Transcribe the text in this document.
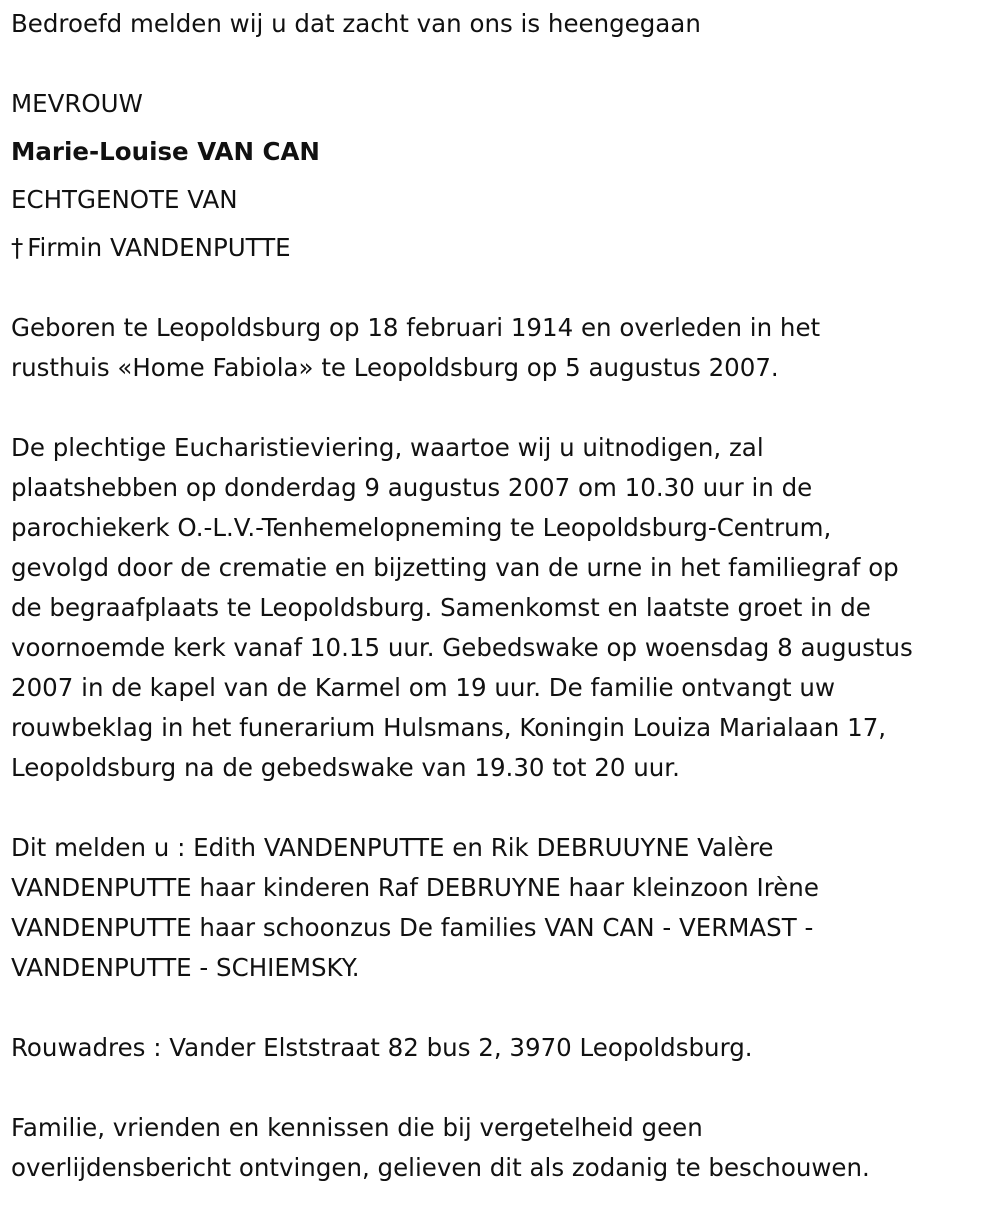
Bedroefd melden wij u dat zacht van ons is heengegaan

MEVROUW

Marie-Louise VAN CAN

ECHTGENOTE VAN

† Firmin VANDENPUTTE

Geboren te Leopoldsburg op 18 februari 1914 en overleden in het

rusthuis «Home Fabiola» te Leopoldsburg op 5 augustus 2007.

De plechtige Eucharistieviering, waartoe wij u uitnodigen, zal

plaatshebben op donderdag 9 augustus 2007 om 10.30 uur in de

parochiekerk O.-L.V.-Tenhemelopneming te Leopoldsburg-Centrum,

gevolgd door de crematie en bijzetting van de urne in het familiegraf op

de begraafplaats te Leopoldsburg. Samenkomst en laatste groet in de

voornoemde kerk vanaf 10.15 uur. Gebedswake op woensdag 8 augustus

2007 in de kapel van de Karmel om 19 uur. De familie ontvangt uw

rouwbeklag in het funerarium Hulsmans, Koningin Louiza Marialaan 17,

Leopoldsburg na de gebedswake van 19.30 tot 20 uur.

Dit melden u : Edith VANDENPUTTE en Rik DEBRUUYNE Valère

VANDENPUTTE haar kinderen Raf DEBRUYNE haar kleinzoon Irène

VANDENPUTTE haar schoonzus De families VAN CAN - VERMAST -

VANDENPUTTE - SCHIEMSKY.

Rouwadres : Vander Elststraat 82 bus 2, 3970 Leopoldsburg.

Familie, vrienden en kennissen die bij vergetelheid geen

overlijdensbericht ontvingen, gelieven dit als zodanig te beschouwen.
